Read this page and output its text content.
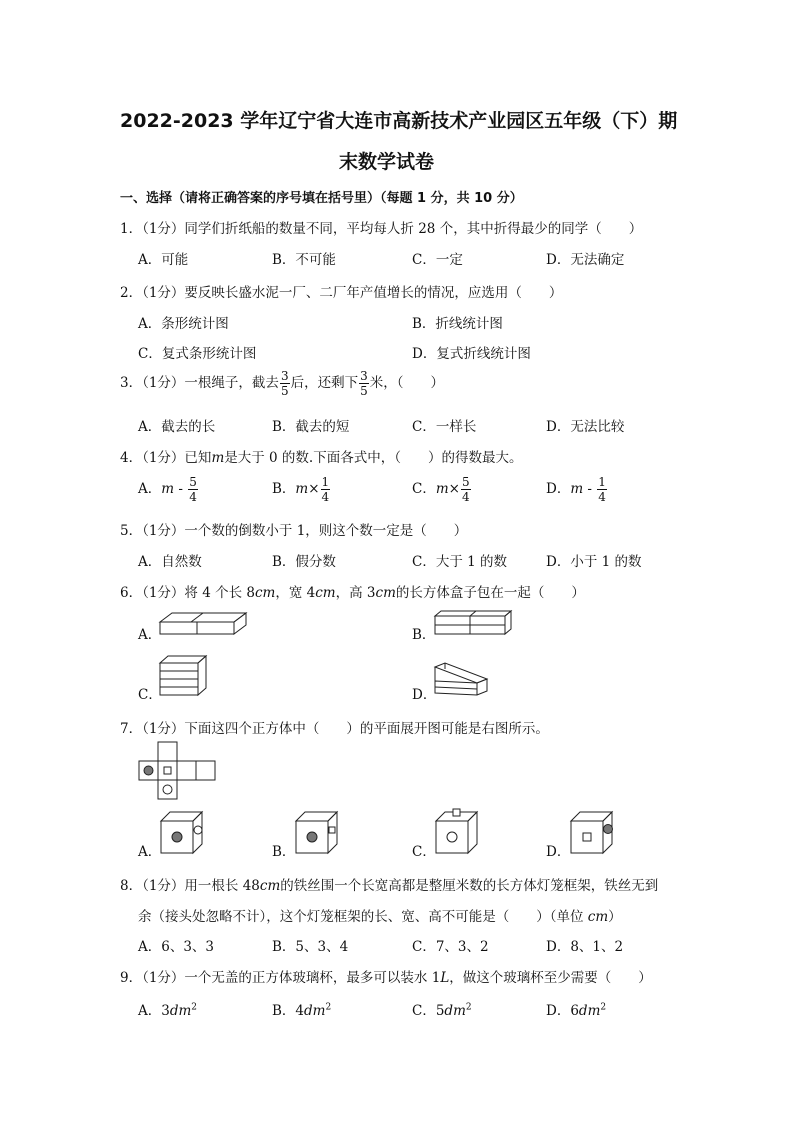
2022-2023 学年辽宁省大连市高新技术产业园区五年级（下）期
末数学试卷
一、选择（请将正确答案的序号填在括号里）（每题 1 分，共 10 分）
1．（1分）同学们折纸船的数量不同，平均每人折 28 个，其中折得最少的同学（　　）
A．可能	B．不可能	C．一定	D．无法确定
2．（1分）要反映长盛水泥一厂、二厂年产值增长的情况，应选用（　　）
A．条形统计图	B．折线统计图
C．复式条形统计图	D．复式折线统计图
3．（1分）一根绳子，截去 $\frac{3}{5}$ 后，还剩下 $\frac{3}{5}$ 米，（　　）
A．截去的长	B．截去的短	C．一样长	D．无法比较
4．（1分）已知m是大于 0 的数.下面各式中，（　　）的得数最大。
A．m - $\frac{5}{4}$	B．$m\times \frac{1}{4}$	C．$m\times \frac{5}{4}$	D．m - $\frac{1}{4}$
5．（1分）一个数的倒数小于 1，则这个数一定是（　　）
A．自然数	B．假分数	C．大于 1 的数	D．小于 1 的数
6．（1分）将 4 个长 8cm，宽 4cm，高 3cm的长方体盒子包在一起（　　）
A．	B．
C．	D．
7．（1分）下面这四个正方体中（　　）的平面展开图可能是右图所示。
A．	B．	C．	D．
8．（1分）用一根长 48cm的铁丝围一个长宽高都是整厘米数的长方体灯笼框架，铁丝无到
余（接头处忽略不计），这个灯笼框架的长、宽、高不可能是（　　）（单位 cm）
A．6、3、3	B．5、3、4	C．7、3、2	D．8、1、2
9．（1分）一个无盖的正方体玻璃杯，最多可以装水 1L，做这个玻璃杯至少需要（　　）
A．$3dm^2$	B．$4dm^2$	C．$5dm^2$	D．$6dm^2$
